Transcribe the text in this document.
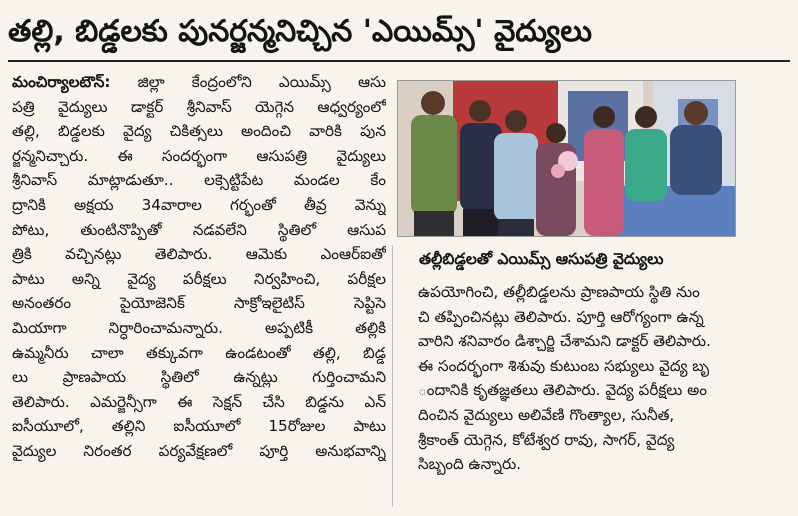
తల్లి, బిడ్డలకు పునర్జన్మనిచ్చిన 'ఎయిమ్స్' వైద్యులు
మంచిర్యాలటౌన్: జిల్లా కేంద్రంలోని ఎయిమ్స్ ఆసు
పత్రి వైద్యులు డాక్టర్ శ్రీనివాస్ యెగ్గెన ఆధ్వర్యంలో
తల్లి, బిడ్డలకు వైద్య చికిత్సలు అందించి వారికి పున
ర్జన్మనిచ్చారు. ఈ సందర్భంగా ఆసుపత్రి వైద్యులు
శ్రీనివాస్ మాట్లాడుతూ.. లక్సెట్టిపేట మండల కేం
ద్రానికి అక్షయ 34వారాల గర్భంతో తీవ్ర వెన్ను
పోటు, తుంటినొప్పితో నడవలేని స్థితిలో ఆసుప
త్రికి వచ్చినట్లు తెలిపారు. ఆమెకు ఎంఆర్ఐతో
పాటు అన్ని వైద్య పరీక్షలు నిర్వహించి, పరీక్షల
అనంతరం పైయోజెనిక్ సాక్రోఇలైటిస్ సెప్టిసె
మియాగా నిర్ధారించామన్నారు. అప్పటికీ తల్లికి
ఉమ్మనీరు చాలా తక్కువగా ఉండటంతో తల్లి, బిడ్డ
లు ప్రాణపాయ స్థితిలో ఉన్నట్లు గుర్తించామని
తెలిపారు. ఎమర్జెన్సీగా ఈ సెక్షన్ చేసి బిడ్డను ఎన్
ఐసీయూలో, తల్లిని ఐసీయూలో 15రోజుల పాటు
వైద్యుల నిరంతర పర్యవేక్షణలో పూర్తి అనుభవాన్ని
తల్లీబిడ్డలతో ఎయిమ్స్ ఆసుపత్రి వైద్యులు
ఉపయోగించి, తల్లీబిడ్డలను ప్రాణపాయ స్థితి నుం
చి తప్పించినట్లు తెలిపారు. పూర్తి ఆరోగ్యంగా ఉన్న
వారిని శనివారం డిశ్చార్జి చేశామని డాక్టర్ తెలిపారు.
ఈ సందర్భంగా శిశువు కుటుంబ సభ్యులు వైద్య బృ
ందానికి కృతజ్ఞతలు తెలిపారు. వైద్య పరీక్షలు అం
దించిన వైద్యులు అలివేణి గొంత్యాల, సునీత,
శ్రీకాంత్ యెగ్గెన, కోటేశ్వర రావు, సాగర్, వైద్య
సిబ్బంది ఉన్నారు.
